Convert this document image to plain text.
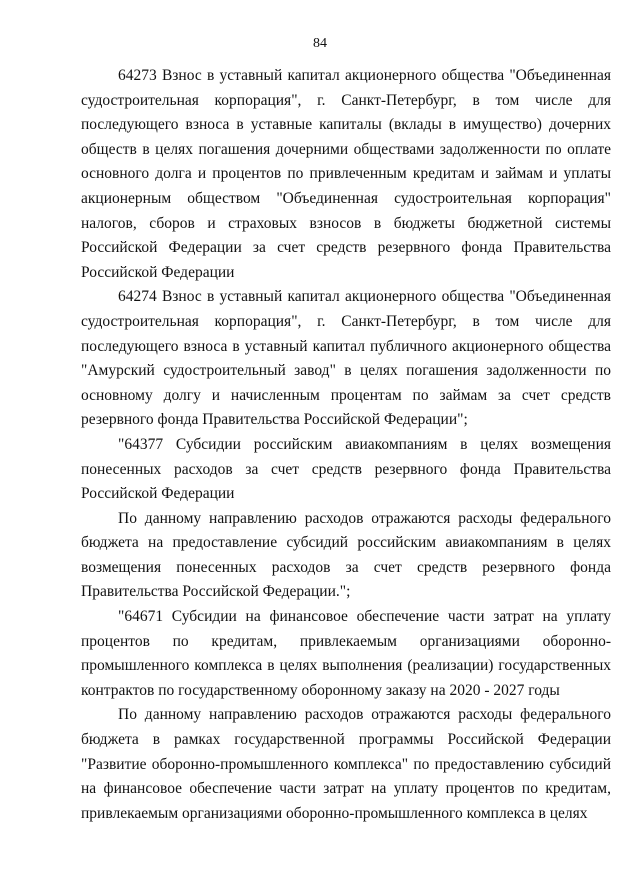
84

64273 Взнос в уставный капитал акционерного общества "Объединенная судостроительная корпорация", г. Санкт-Петербург, в том числе для последующего взноса в уставные капиталы (вклады в имущество) дочерних обществ в целях погашения дочерними обществами задолженности по оплате основного долга и процентов по привлеченным кредитам и займам и уплаты акционерным обществом "Объединенная судостроительная корпорация" налогов, сборов и страховых взносов в бюджеты бюджетной системы Российской Федерации за счет средств резервного фонда Правительства Российской Федерации

64274 Взнос в уставный капитал акционерного общества "Объединенная судостроительная корпорация", г. Санкт-Петербург, в том числе для последующего взноса в уставный капитал публичного акционерного общества "Амурский судостроительный завод" в целях погашения задолженности по основному долгу и начисленным процентам по займам за счет средств резервного фонда Правительства Российской Федерации";

"64377 Субсидии российским авиакомпаниям в целях возмещения понесенных расходов за счет средств резервного фонда Правительства Российской Федерации

По данному направлению расходов отражаются расходы федерального бюджета на предоставление субсидий российским авиакомпаниям в целях возмещения понесенных расходов за счет средств резервного фонда Правительства Российской Федерации.";

"64671 Субсидии на финансовое обеспечение части затрат на уплату процентов по кредитам, привлекаемым организациями оборонно-промышленного комплекса в целях выполнения (реализации) государственных контрактов по государственному оборонному заказу на 2020 - 2027 годы

По данному направлению расходов отражаются расходы федерального бюджета в рамках государственной программы Российской Федерации "Развитие оборонно-промышленного комплекса" по предоставлению субсидий на финансовое обеспечение части затрат на уплату процентов по кредитам, привлекаемым организациями оборонно-промышленного комплекса в целях
